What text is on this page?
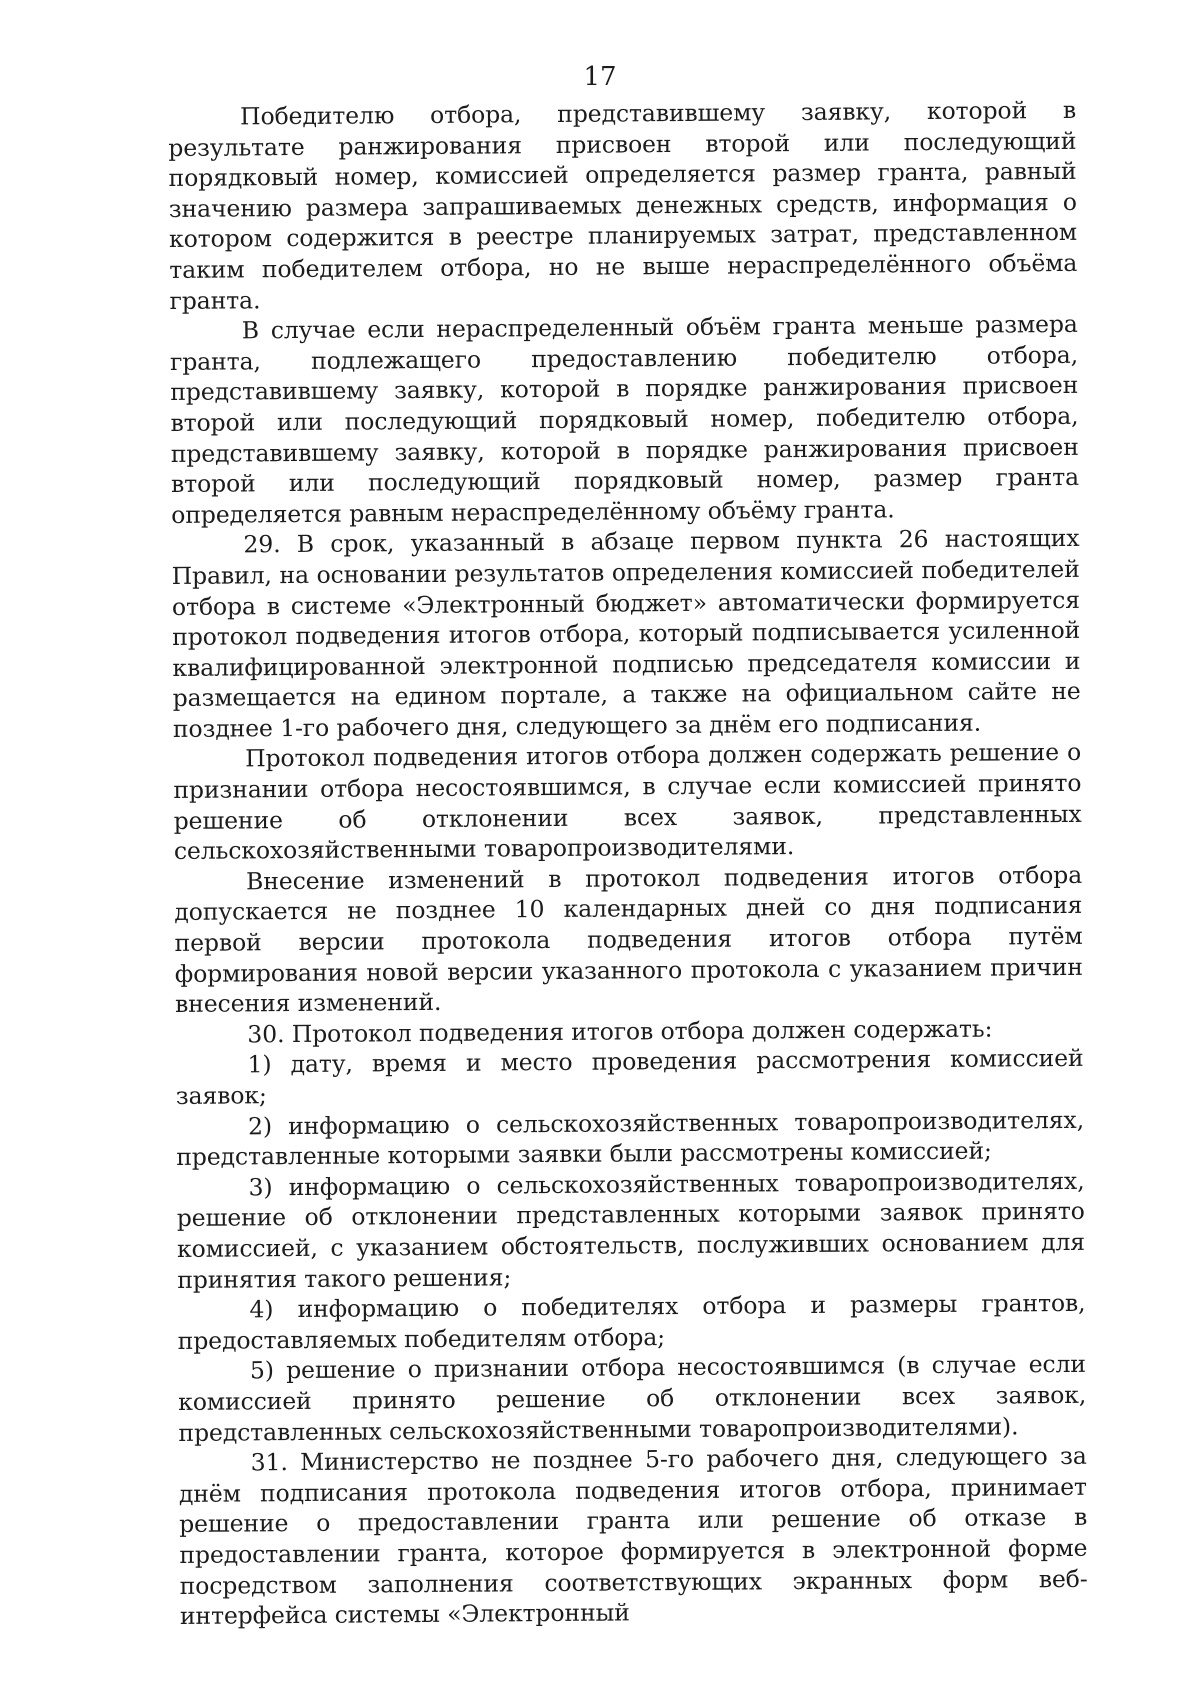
17

Победителю отбора, представившему заявку, которой в результате ранжирования присвоен второй или последующий порядковый номер, комиссией определяется размер гранта, равный значению размера запрашиваемых денежных средств, информация о котором содержится в реестре планируемых затрат, представленном таким победителем отбора, но не выше нераспределённого объёма гранта.

В случае если нераспределенный объём гранта меньше размера гранта, подлежащего предоставлению победителю отбора, представившему заявку, которой в порядке ранжирования присвоен второй или последующий порядковый номер, победителю отбора, представившему заявку, которой в порядке ранжирования присвоен второй или последующий порядковый номер, размер гранта определяется равным нераспределённому объёму гранта.

29. В срок, указанный в абзаце первом пункта 26 настоящих Правил, на основании результатов определения комиссией победителей отбора в системе «Электронный бюджет» автоматически формируется протокол подведения итогов отбора, который подписывается усиленной квалифицированной электронной подписью председателя комиссии и размещается на едином портале, а также на официальном сайте не позднее 1-го рабочего дня, следующего за днём его подписания.

Протокол подведения итогов отбора должен содержать решение о признании отбора несостоявшимся, в случае если комиссией принято решение об отклонении всех заявок, представленных сельскохозяйственными товаропроизводителями.

Внесение изменений в протокол подведения итогов отбора допускается не позднее 10 календарных дней со дня подписания первой версии протокола подведения итогов отбора путём формирования новой версии указанного протокола с указанием причин внесения изменений.

30. Протокол подведения итогов отбора должен содержать:

1) дату, время и место проведения рассмотрения комиссией заявок;

2) информацию о сельскохозяйственных товаропроизводителях, представленные которыми заявки были рассмотрены комиссией;

3) информацию о сельскохозяйственных товаропроизводителях, решение об отклонении представленных которыми заявок принято комиссией, с указанием обстоятельств, послуживших основанием для принятия такого решения;

4) информацию о победителях отбора и размеры грантов, предоставляемых победителям отбора;

5) решение о признании отбора несостоявшимся (в случае если комиссией принято решение об отклонении всех заявок, представленных сельскохозяйственными товаропроизводителями).

31. Министерство не позднее 5-го рабочего дня, следующего за днём подписания протокола подведения итогов отбора, принимает решение о предоставлении гранта или решение об отказе в предоставлении гранта, которое формируется в электронной форме посредством заполнения соответствующих экранных форм веб-интерфейса системы «Электронный
